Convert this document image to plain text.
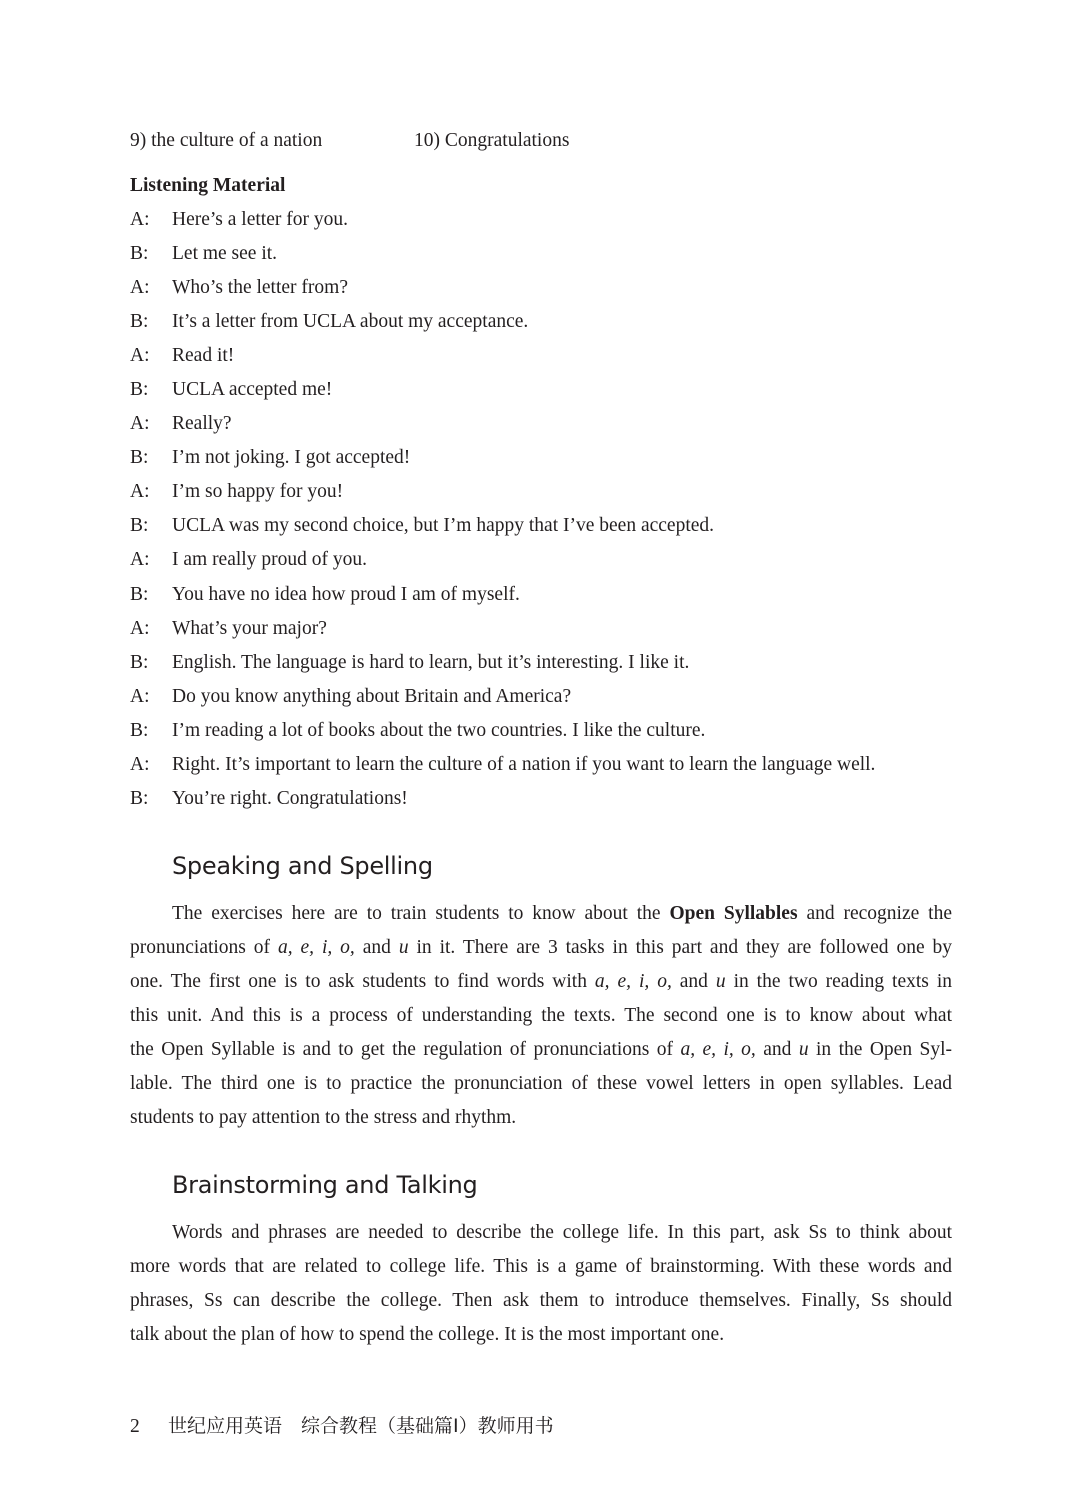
9) the culture of a nation	10) Congratulations
Listening Material
A:	Here’s a letter for you.
B:	Let me see it.
A:	Who’s the letter from?
B:	It’s a letter from UCLA about my acceptance.
A:	Read it!
B:	UCLA accepted me!
A:	Really?
B:	I’m not joking. I got accepted!
A:	I’m so happy for you!
B:	UCLA was my second choice, but I’m happy that I’ve been accepted.
A:	I am really proud of you.
B:	You have no idea how proud I am of myself.
A:	What’s your major?
B:	English. The language is hard to learn, but it’s interesting. I like it.
A:	Do you know anything about Britain and America?
B:	I’m reading a lot of books about the two countries. I like the culture.
A:	Right. It’s important to learn the culture of a nation if you want to learn the language well.
B:	You’re right. Congratulations!
Speaking and Spelling
The exercises here are to train students to know about the Open Syllables and recognize the
pronunciations of a, e, i, o, and u in it. There are 3 tasks in this part and they are followed one by
one. The first one is to ask students to find words with a, e, i, o, and u in the two reading texts in
this unit. And this is a process of understanding the texts. The second one is to know about what
the Open Syllable is and to get the regulation of pronunciations of a, e, i, o, and u in the Open Syl-
lable. The third one is to practice the pronunciation of these vowel letters in open syllables. Lead
students to pay attention to the stress and rhythm.
Brainstorming and Talking
Words and phrases are needed to describe the college life. In this part, ask Ss to think about
more words that are related to college life. This is a game of brainstorming. With these words and
phrases, Ss can describe the college. Then ask them to introduce themselves. Finally, Ss should
talk about the plan of how to spend the college. It is the most important one.
2 世纪应用英语　综合教程（基础篇Ⅰ）教师用书
